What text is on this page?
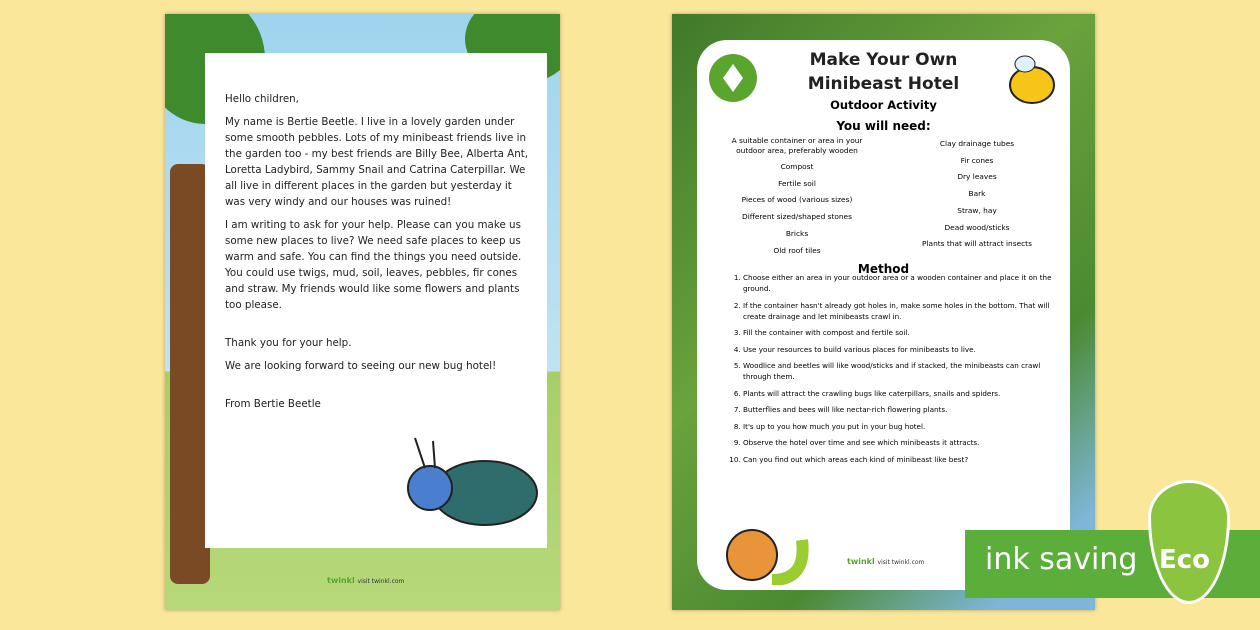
Hello children,

My name is Bertie Beetle. I live in a lovely garden under some smooth pebbles. Lots of my minibeast friends live in the garden too - my best friends are Billy Bee, Alberta Ant, Loretta Ladybird, Sammy Snail and Catrina Caterpillar. We all live in different places in the garden but yesterday it was very windy and our houses was ruined!

I am writing to ask for your help. Please can you make us some new places to live? We need safe places to keep us warm and safe. You can find the things you need outside. You could use twigs, mud, soil, leaves, pebbles, fir cones and straw. My friends would like some flowers and plants too please.

Thank you for your help.

We are looking forward to seeing our new bug hotel!

From Bertie Beetle

twinkl visit twinkl.com
Make Your Own
Minibeast Hotel
Outdoor Activity
You will need:
A suitable container or area in your outdoor area, preferably wooden
Compost
Fertile soil
Pieces of wood (various sizes)
Different sized/shaped stones
Bricks
Old roof tiles
Clay drainage tubes
Fir cones
Dry leaves
Bark
Straw, hay
Dead wood/sticks
Plants that will attract insects
Method
1. Choose either an area in your outdoor area or a wooden container and place it on the ground.
2. If the container hasn't already got holes in, make some holes in the bottom. That will create drainage and let minibeasts crawl in.
3. Fill the container with compost and fertile soil.
4. Use your resources to build various places for minibeasts to live.
5. Woodlice and beetles will like wood/sticks and if stacked, the minibeasts can crawl through them.
6. Plants will attract the crawling bugs like caterpillars, snails and spiders.
7. Butterflies and bees will like nectar-rich flowering plants.
8. It's up to you how much you put in your bug hotel.
9. Observe the hotel over time and see which minibeasts it attracts.
10. Can you find out which areas each kind of minibeast like best?
twinkl visit twinkl.com ink saving Eco
